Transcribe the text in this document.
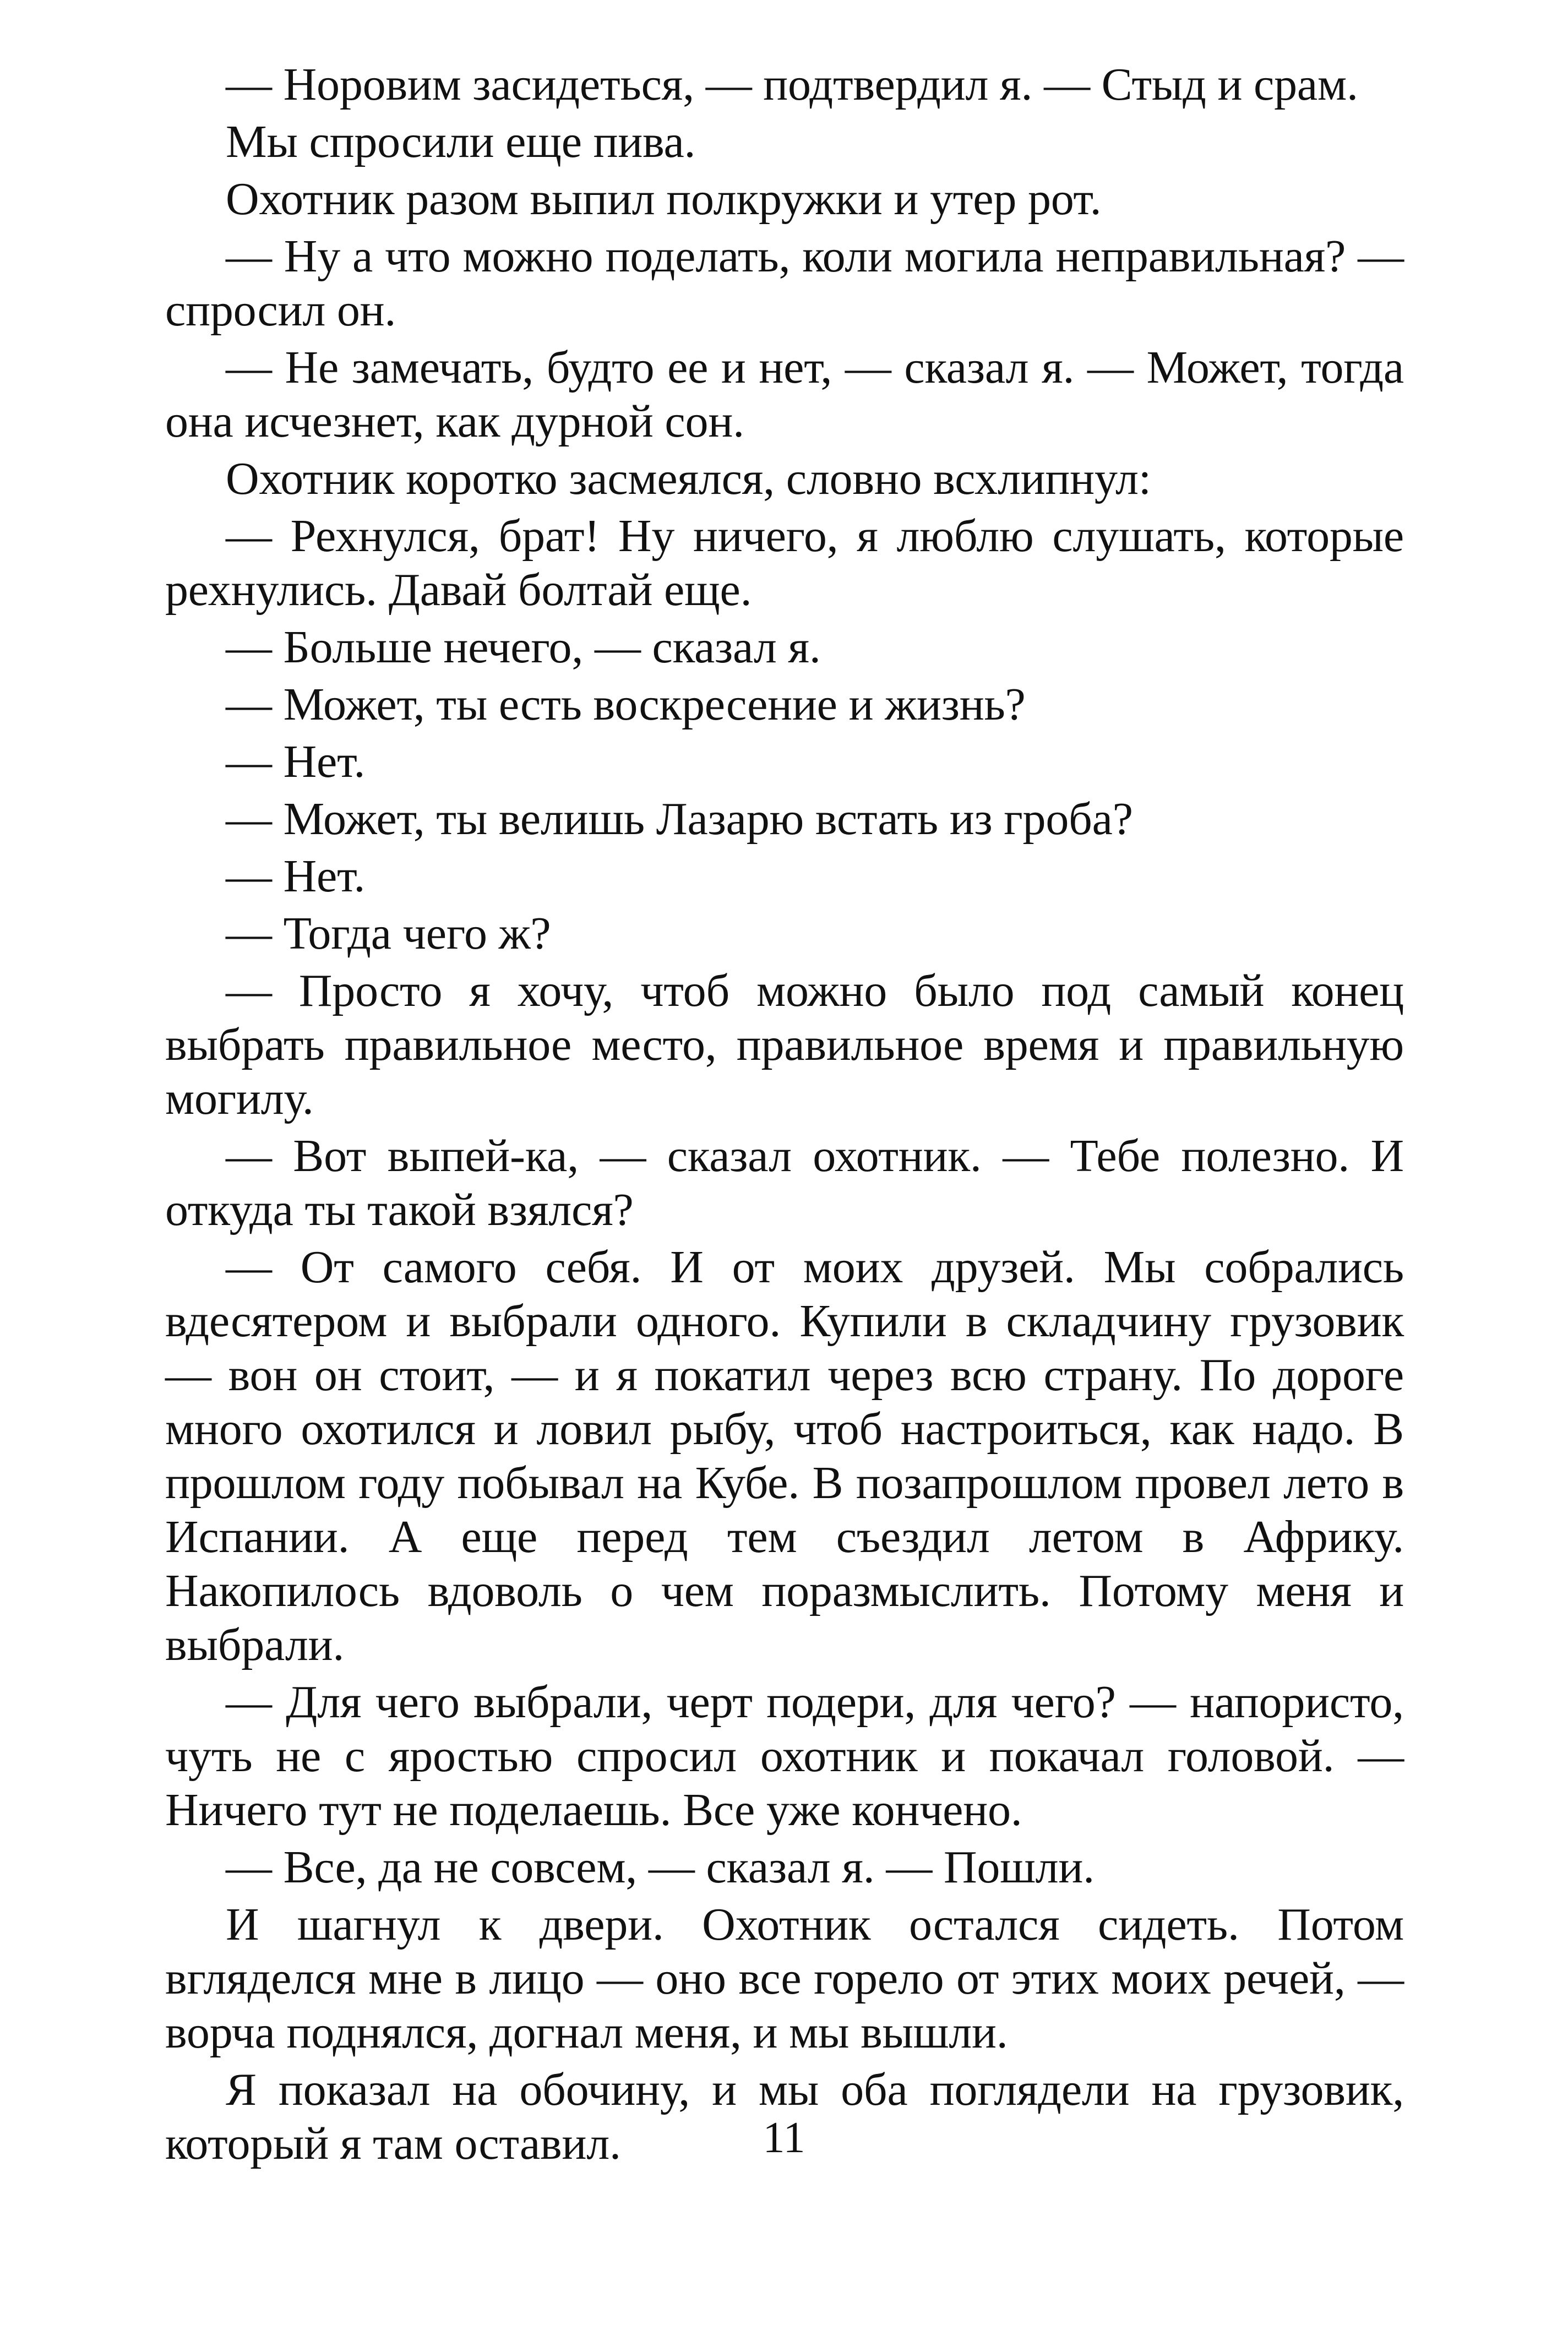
— Норовим засидеться, — подтвердил я. — Стыд и срам.

Мы спросили еще пива.

Охотник разом выпил полкружки и утер рот.

— Ну а что можно поделать, коли могила неправильная? — спросил он.

— Не замечать, будто ее и нет, — сказал я. — Может, тогда она исчезнет, как дурной сон.

Охотник коротко засмеялся, словно всхлипнул:

— Рехнулся, брат! Ну ничего, я люблю слушать, которые рехнулись. Давай болтай еще.

— Больше нечего, — сказал я.

— Может, ты есть воскресение и жизнь?

— Нет.

— Может, ты велишь Лазарю встать из гроба?

— Нет.

— Тогда чего ж?

— Просто я хочу, чтоб можно было под самый конец выбрать правильное место, правильное время и правильную могилу.

— Вот выпей-ка, — сказал охотник. — Тебе полезно. И откуда ты такой взялся?

— От самого себя. И от моих друзей. Мы собрались вдесятером и выбрали одного. Купили в складчину грузовик — вон он стоит, — и я покатил через всю страну. По дороге много охотился и ловил рыбу, чтоб настроиться, как надо. В прошлом году побывал на Кубе. В позапрошлом провел лето в Испании. А еще перед тем съездил летом в Африку. Накопилось вдоволь о чем поразмыслить. Потому меня и выбрали.

— Для чего выбрали, черт подери, для чего? — напористо, чуть не с яростью спросил охотник и покачал головой. — Ничего тут не поделаешь. Все уже кончено.

— Все, да не совсем, — сказал я. — Пошли.

И шагнул к двери. Охотник остался сидеть. Потом вгляделся мне в лицо — оно все горело от этих моих речей, — ворча поднялся, догнал меня, и мы вышли.

Я показал на обочину, и мы оба поглядели на грузовик, который я там оставил.	11
